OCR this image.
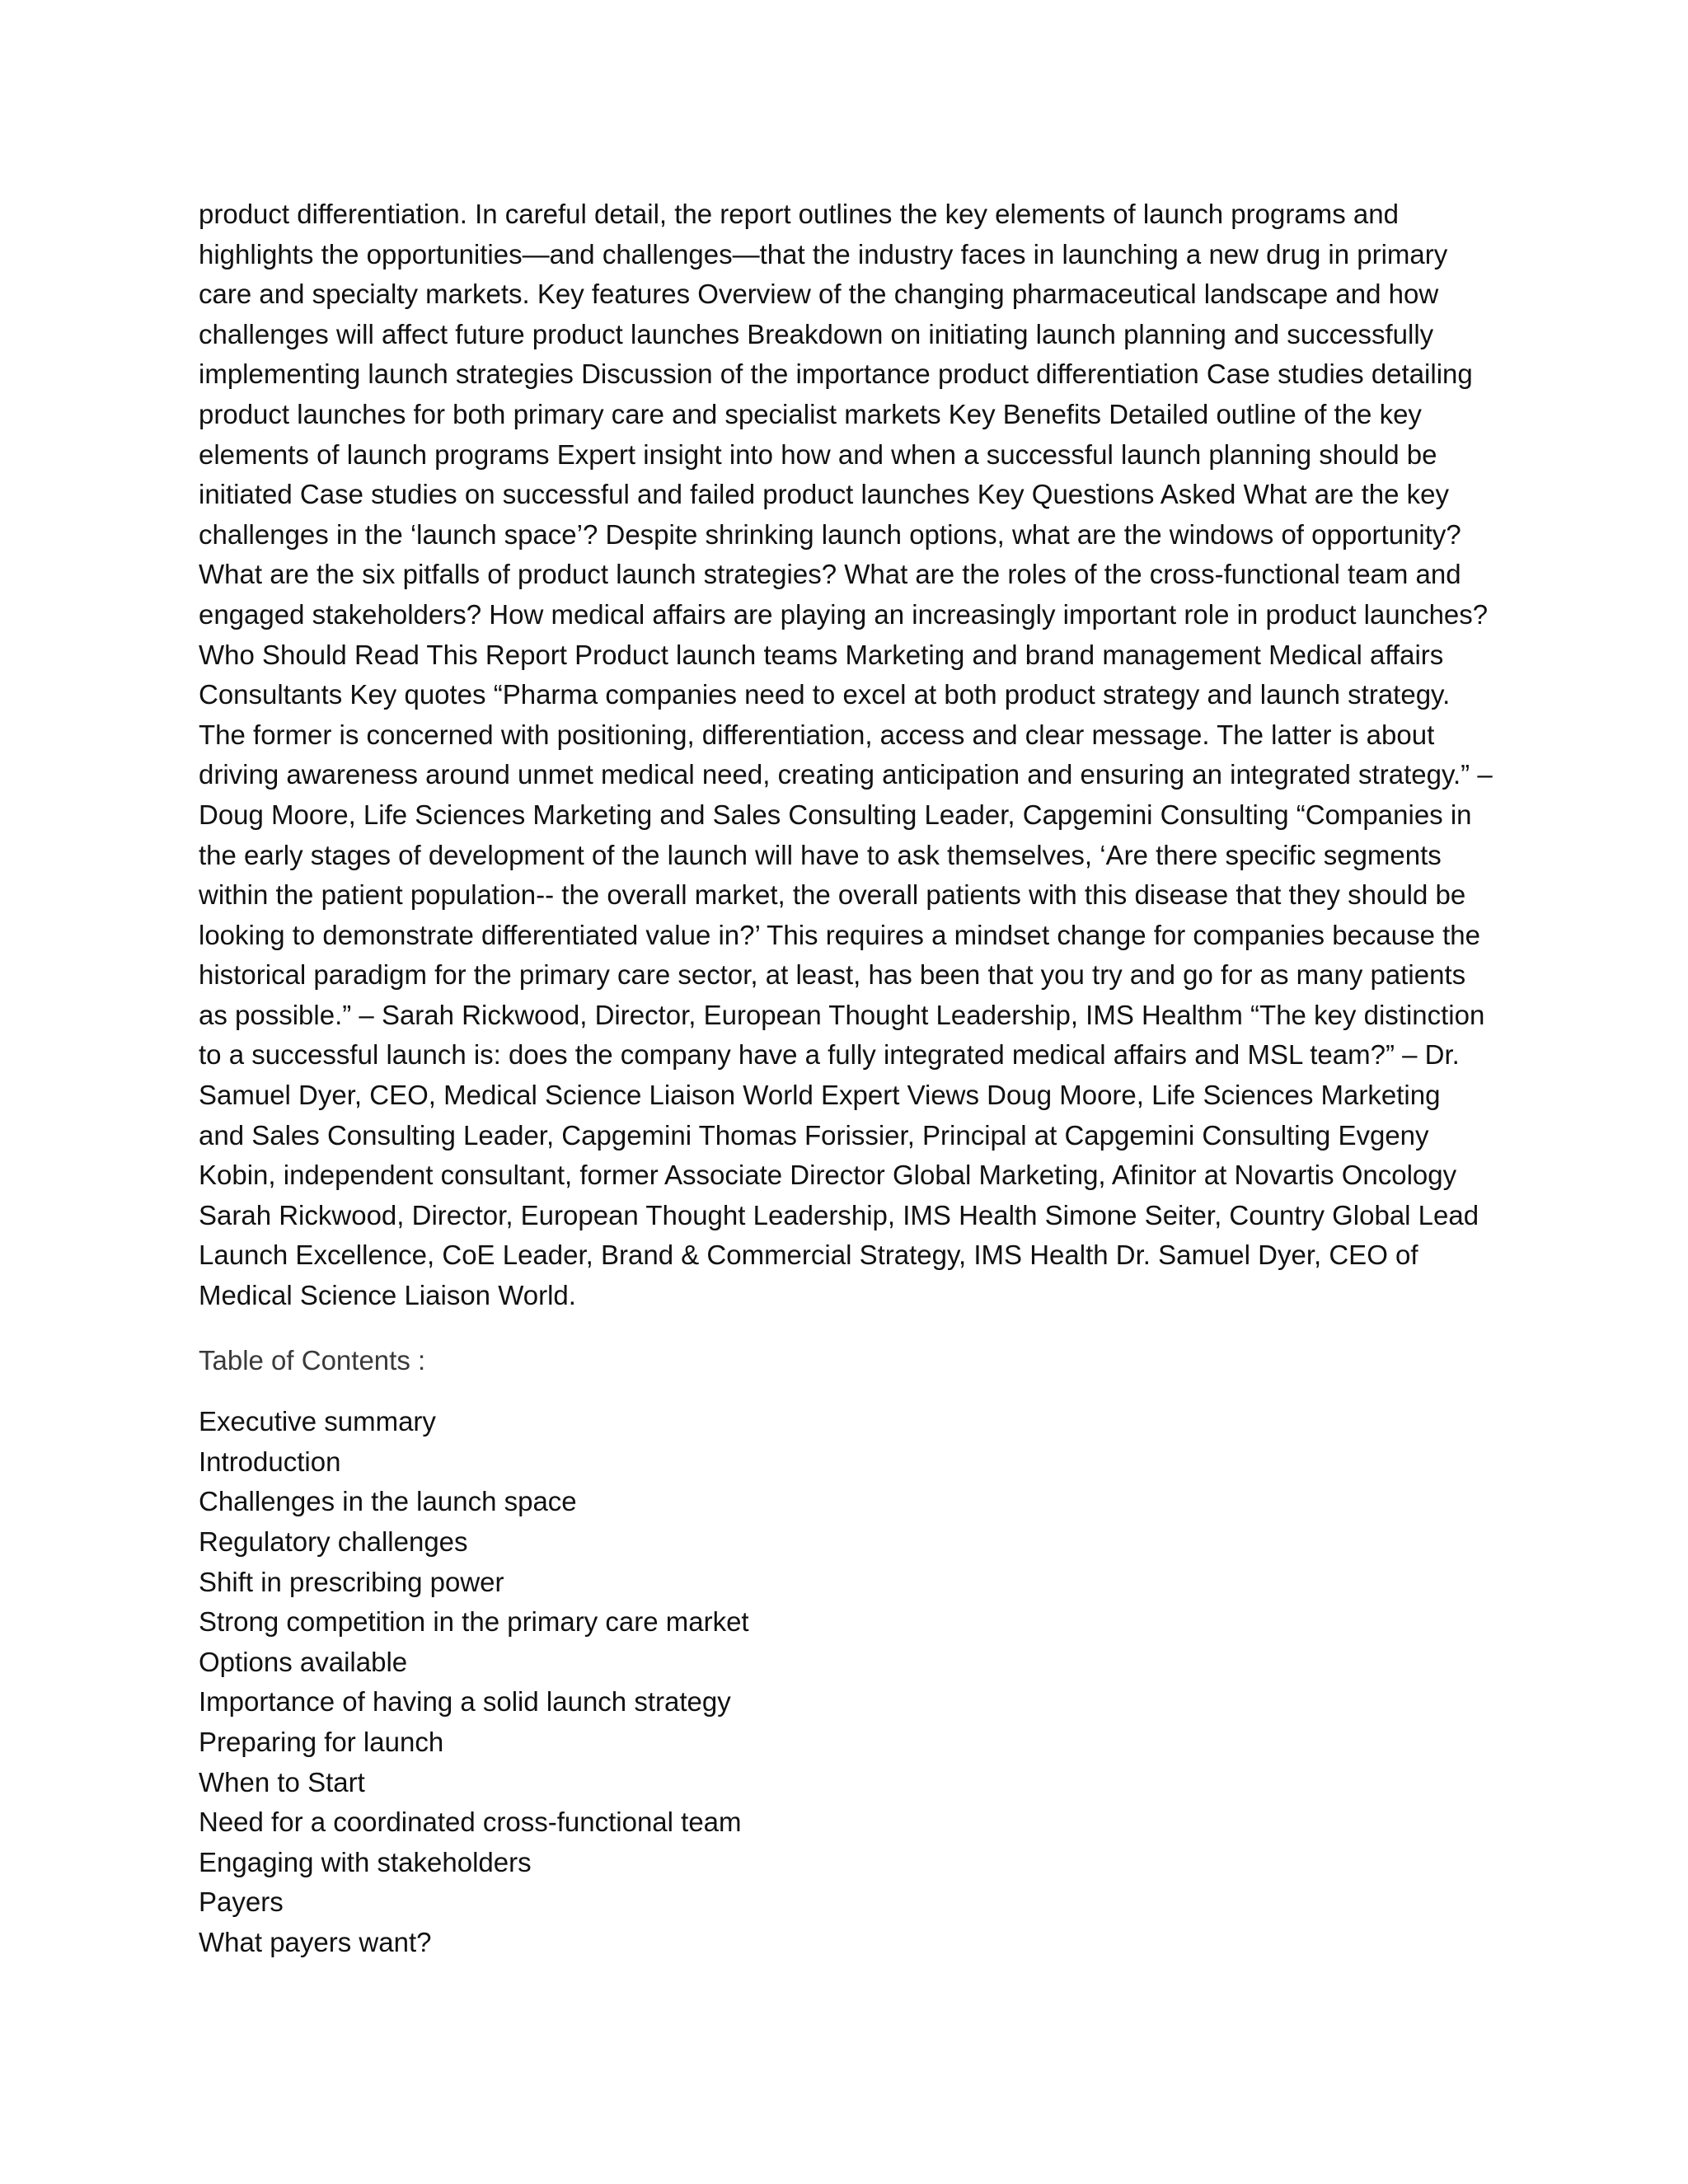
product differentiation. In careful detail, the report outlines the key elements of launch programs and highlights the opportunities—and challenges—that the industry faces in launching a new drug in primary care and specialty markets. Key features Overview of the changing pharmaceutical landscape and how challenges will affect future product launches Breakdown on initiating launch planning and successfully implementing launch strategies Discussion of the importance product differentiation Case studies detailing product launches for both primary care and specialist markets Key Benefits Detailed outline of the key elements of launch programs Expert insight into how and when a successful launch planning should be initiated Case studies on successful and failed product launches Key Questions Asked What are the key challenges in the ‘launch space’? Despite shrinking launch options, what are the windows of opportunity? What are the six pitfalls of product launch strategies? What are the roles of the cross-functional team and engaged stakeholders? How medical affairs are playing an increasingly important role in product launches? Who Should Read This Report Product launch teams Marketing and brand management Medical affairs Consultants Key quotes “Pharma companies need to excel at both product strategy and launch strategy. The former is concerned with positioning, differentiation, access and clear message. The latter is about driving awareness around unmet medical need, creating anticipation and ensuring an integrated strategy.” – Doug Moore, Life Sciences Marketing and Sales Consulting Leader, Capgemini Consulting “Companies in the early stages of development of the launch will have to ask themselves, ‘Are there specific segments within the patient population-- the overall market, the overall patients with this disease that they should be looking to demonstrate differentiated value in?’ This requires a mindset change for companies because the historical paradigm for the primary care sector, at least, has been that you try and go for as many patients as possible.” – Sarah Rickwood, Director, European Thought Leadership, IMS Healthm “The key distinction to a successful launch is: does the company have a fully integrated medical affairs and MSL team?” – Dr. Samuel Dyer, CEO, Medical Science Liaison World Expert Views Doug Moore, Life Sciences Marketing and Sales Consulting Leader, Capgemini Thomas Forissier, Principal at Capgemini Consulting Evgeny Kobin, independent consultant, former Associate Director Global Marketing, Afinitor at Novartis Oncology Sarah Rickwood, Director, European Thought Leadership, IMS Health Simone Seiter, Country Global Lead Launch Excellence, CoE Leader, Brand & Commercial Strategy, IMS Health Dr. Samuel Dyer, CEO of Medical Science Liaison World.

Table of Contents :
Executive summary
Introduction
Challenges in the launch space
Regulatory challenges
Shift in prescribing power
Strong competition in the primary care market
Options available
Importance of having a solid launch strategy
Preparing for launch
When to Start
Need for a coordinated cross-functional team
Engaging with stakeholders
Payers
What payers want?
